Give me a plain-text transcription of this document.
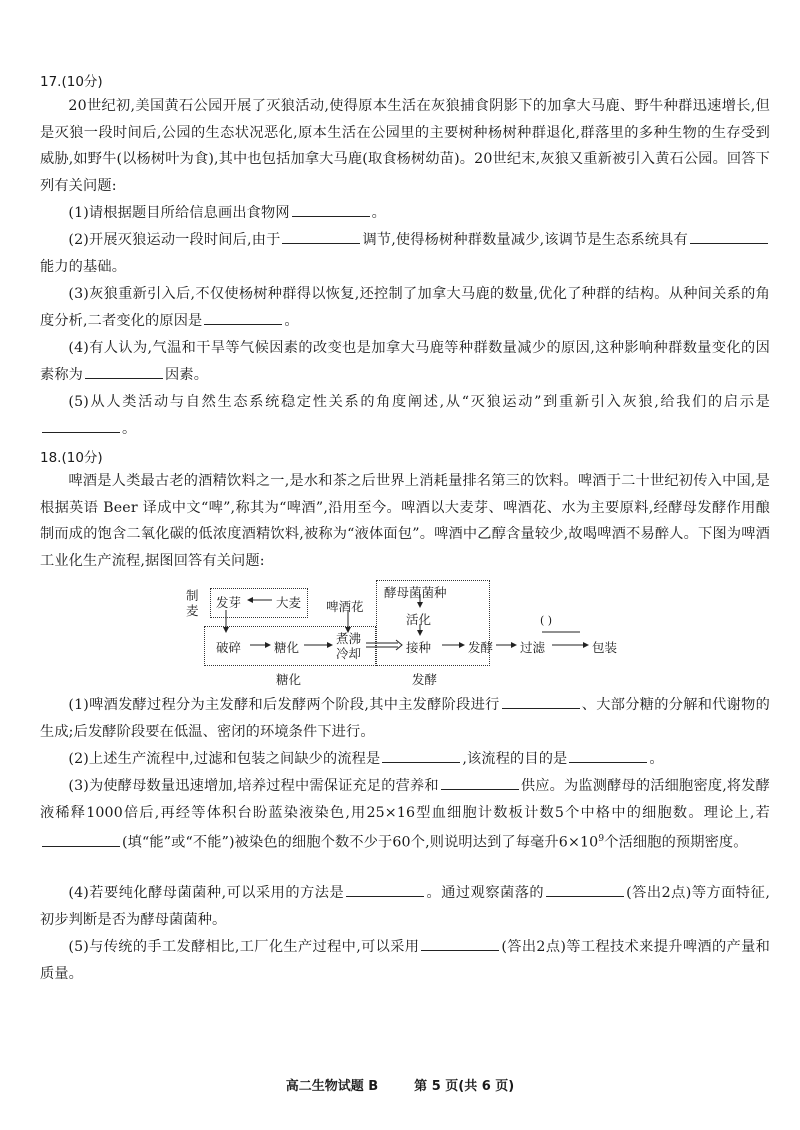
17.(10分)
20世纪初,美国黄石公园开展了灭狼活动,使得原本生活在灰狼捕食阴影下的加拿大马鹿、野牛种群迅速增长,但是灭狼一段时间后,公园的生态状况恶化,原本生活在公园里的主要树种杨树种群退化,群落里的多种生物的生存受到威胁,如野牛(以杨树叶为食),其中也包括加拿大马鹿(取食杨树幼苗)。20世纪末,灰狼又重新被引入黄石公园。回答下列有关问题:
(1)请根据题目所给信息画出食物网	。
(2)开展灭狼运动一段时间后,由于	调节,使得杨树种群数量减少,该调节是生态系统具有能力的基础。
(3)灰狼重新引入后,不仅使杨树种群得以恢复,还控制了加拿大马鹿的数量,优化了种群的结构。从种间关系的角度分析,二者变化的原因是	。
(4)有人认为,气温和干旱等气候因素的改变也是加拿大马鹿等种群数量减少的原因,这种影响种群数量变化的因素称为	因素。
(5)从人类活动与自然生态系统稳定性关系的角度阐述,从“灭狼运动”到重新引入灰狼,给我们的启示是。
18.(10分)
啤酒是人类最古老的酒精饮料之一,是水和茶之后世界上消耗量排名第三的饮料。啤酒于二十世纪初传入中国,是根据英语 Beer 译成中文“啤”,称其为“啤酒”,沿用至今。啤酒以大麦芽、啤酒花、水为主要原料,经酵母发酵作用酿制而成的饱含二氧化碳的低浓度酒精饮料,被称为“液体面包”。啤酒中乙醇含量较少,故喝啤酒不易醉人。下图为啤酒工业化生产流程,据图回答有关问题:
制麦
发芽	大麦 啤酒花
酵母菌菌种
活化
破碎	糖化
煮沸
冷却	接种	发酵 过滤
( )
包装
糖化	发酵
(1)啤酒发酵过程分为主发酵和后发酵两个阶段,其中主发酵阶段进行	、大部分糖的分解和代谢物的生成;后发酵阶段要在低温、密闭的环境条件下进行。
(2)上述生产流程中,过滤和包装之间缺少的流程是	,该流程的目的是	。
(3)为使酵母数量迅速增加,培养过程中需保证充足的营养和	供应。为监测酵母的活细胞密度,将发酵液稀释1000倍后,再经等体积台盼蓝染液染色,用25×16型血细胞计数板计数5个中格中的细胞数。理论上,若(填“能”或“不能”)被染色的细胞个数不少于60个,则说明达到了每毫升$6\times 10^9$个活细胞的预期密度。
(4)若要纯化酵母菌菌种,可以采用的方法是	。通过观察菌落的	(答出2点)等方面特征,初步判断是否为酵母菌菌种。
(5)与传统的手工发酵相比,工厂化生产过程中,可以采用	(答出2点)等工程技术来提升啤酒的产量和质量。
高二生物试题 B	第 5 页(共 6 页)
